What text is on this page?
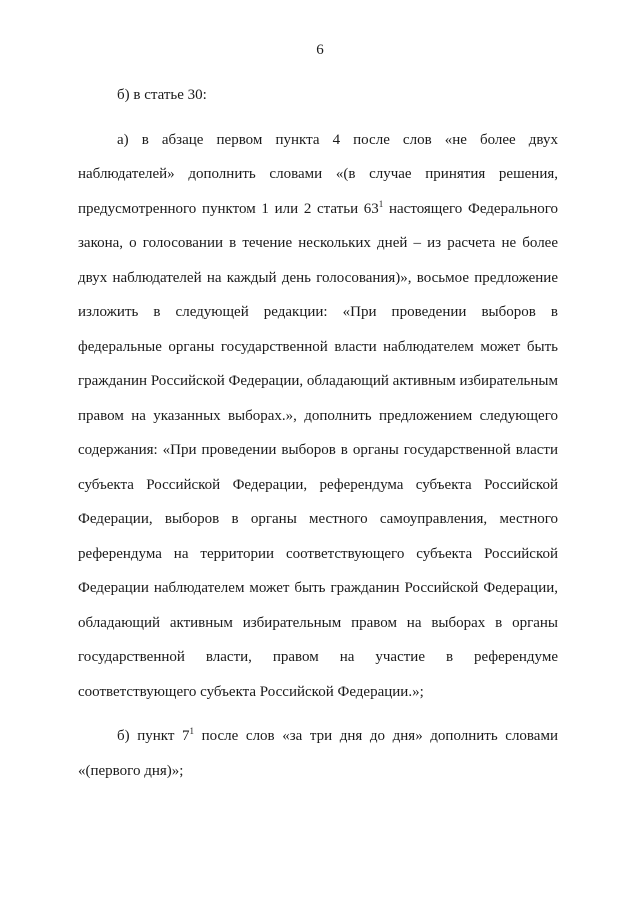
6

б) в статье 30:

а) в абзаце первом пункта 4 после слов «не более двух наблюдателей» дополнить словами «(в случае принятия решения, предусмотренного пунктом 1 или 2 статьи $63^1$ настоящего Федерального закона, о голосовании в течение нескольких дней – из расчета не более двух наблюдателей на каждый день голосования)», восьмое предложение изложить в следующей редакции: «При проведении выборов в федеральные органы государственной власти наблюдателем может быть гражданин Российской Федерации, обладающий активным избирательным правом на указанных выборах.», дополнить предложением следующего содержания: «При проведении выборов в органы государственной власти субъекта Российской Федерации, референдума субъекта Российской Федерации, выборов в органы местного самоуправления, местного референдума на территории соответствующего субъекта Российской Федерации наблюдателем может быть гражданин Российской Федерации, обладающий активным избирательным правом на выборах в органы государственной власти, правом на участие в референдуме соответствующего субъекта Российской Федерации.»;

б) пункт $7^1$ после слов «за три дня до дня» дополнить словами «(первого дня)»;
